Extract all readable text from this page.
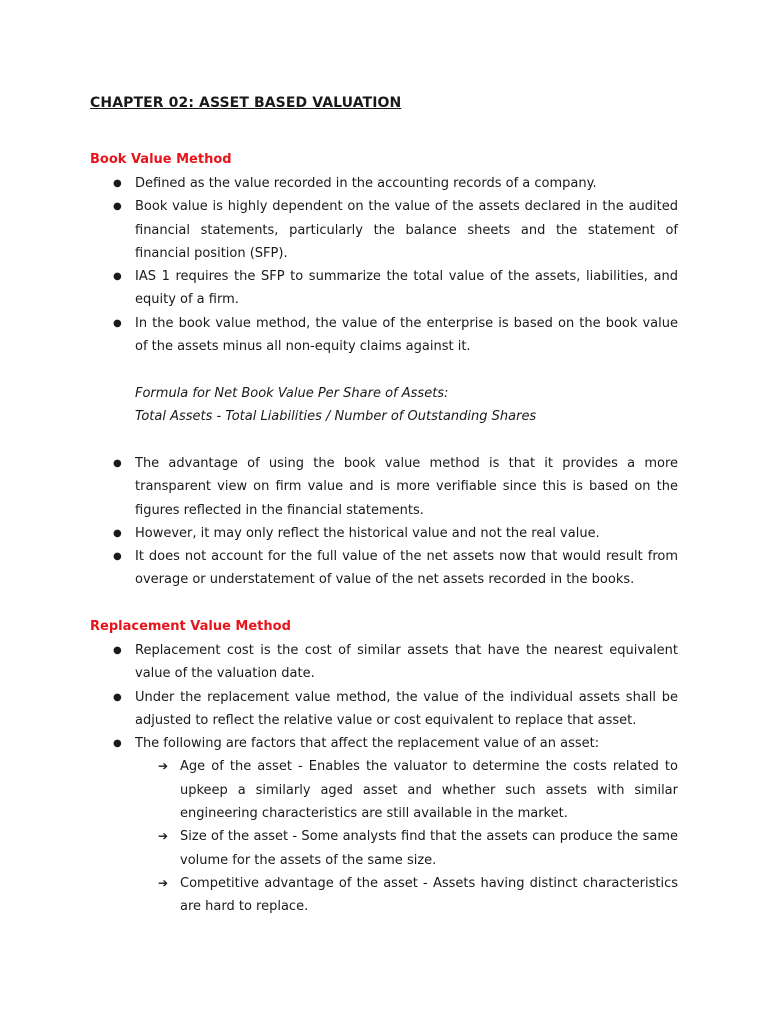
CHAPTER 02: ASSET BASED VALUATION
Book Value Method
● Defined as the value recorded in the accounting records of a company.
● Book value is highly dependent on the value of the assets declared in the audited financial statements, particularly the balance sheets and the statement of financial position (SFP).
● IAS 1 requires the SFP to summarize the total value of the assets, liabilities, and equity of a firm.
● In the book value method, the value of the enterprise is based on the book value of the assets minus all non-equity claims against it.
Formula for Net Book Value Per Share of Assets:
Total Assets - Total Liabilities / Number of Outstanding Shares
● The advantage of using the book value method is that it provides a more transparent view on firm value and is more verifiable since this is based on the figures reflected in the financial statements.
● However, it may only reflect the historical value and not the real value.
● It does not account for the full value of the net assets now that would result from overage or understatement of value of the net assets recorded in the books.
Replacement Value Method
● Replacement cost is the cost of similar assets that have the nearest equivalent value of the valuation date.
● Under the replacement value method, the value of the individual assets shall be adjusted to reflect the relative value or cost equivalent to replace that asset.
● The following are factors that affect the replacement value of an asset:
➔ Age of the asset - Enables the valuator to determine the costs related to upkeep a similarly aged asset and whether such assets with similar engineering characteristics are still available in the market.
➔ Size of the asset - Some analysts find that the assets can produce the same volume for the assets of the same size.
➔ Competitive advantage of the asset - Assets having distinct characteristics are hard to replace.
